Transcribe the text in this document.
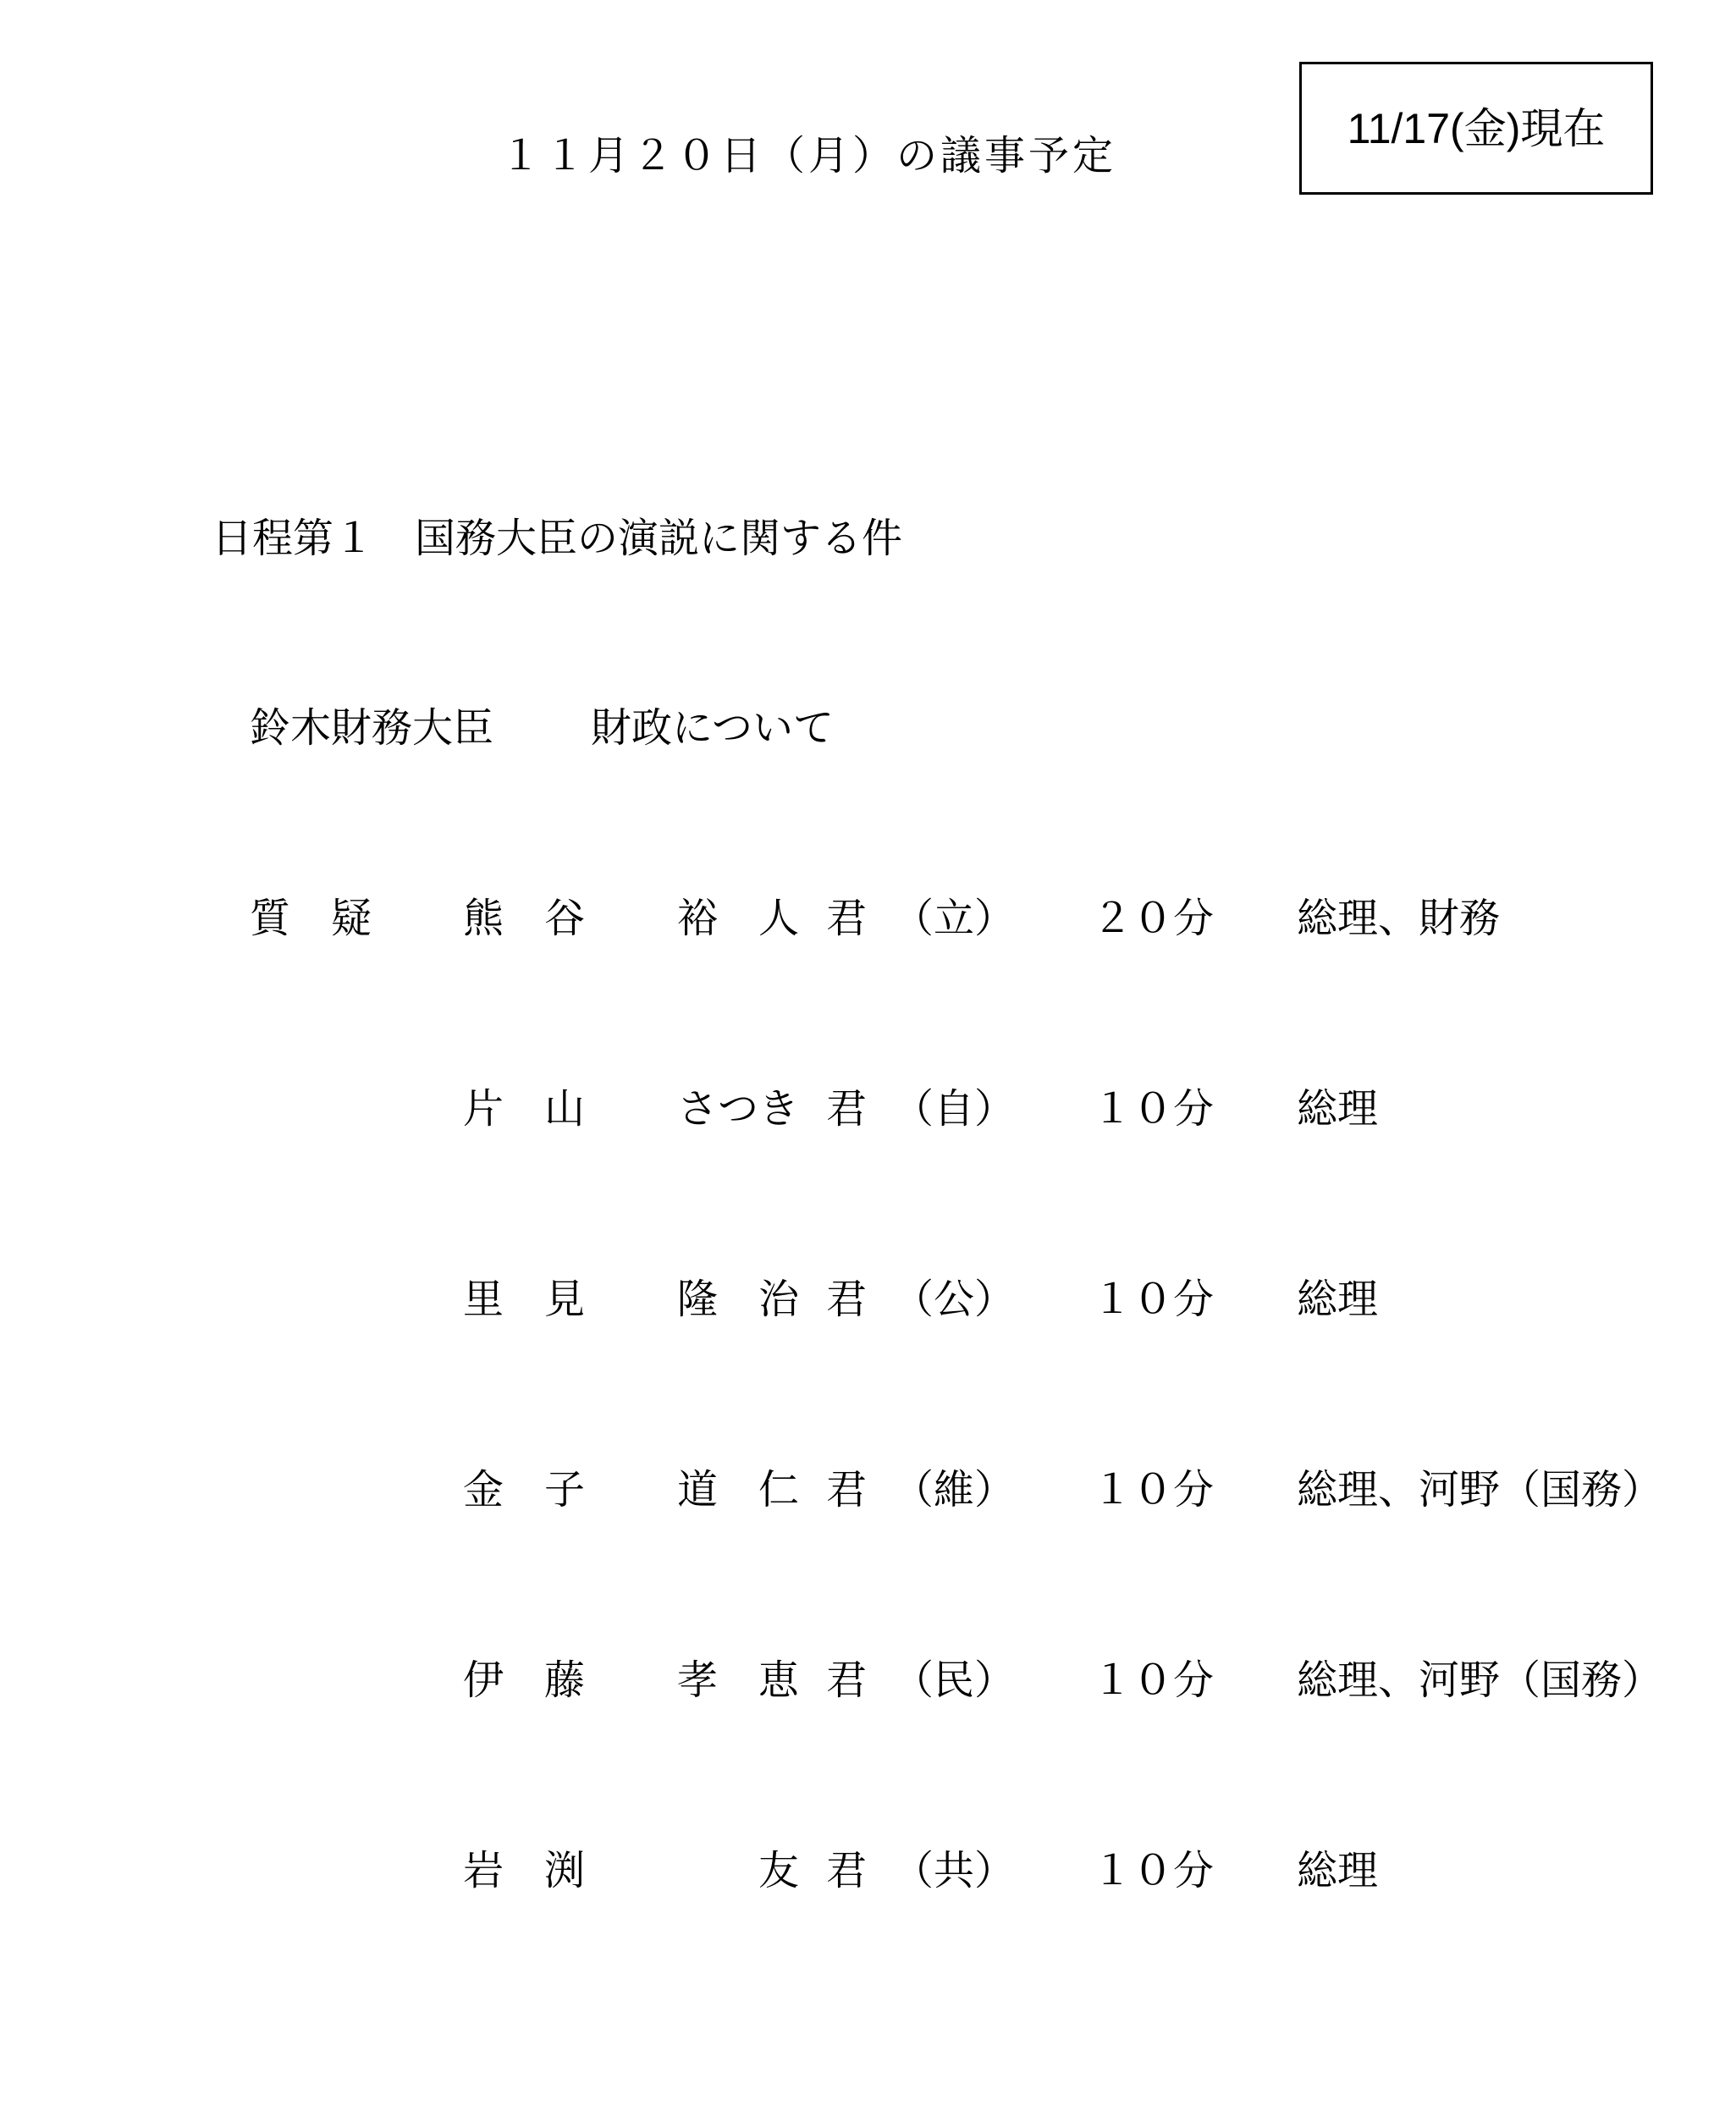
１１月２０日（月）の議事予定
11/17(金)現在
日程第１　国務大臣の演説に関する件
鈴木財務大臣 財政について
質　疑 熊　谷 裕　人 君 （立） ２０分 総理、財務
片　山 さつき 君 （自） １０分 総理
里　見 隆　治 君 （公） １０分 総理
金　子 道　仁 君 （維） １０分 総理、河野（国務）
伊　藤 孝　恵 君 （民） １０分 総理、河野（国務）
岩　渕 　　友 君 （共） １０分 総理
